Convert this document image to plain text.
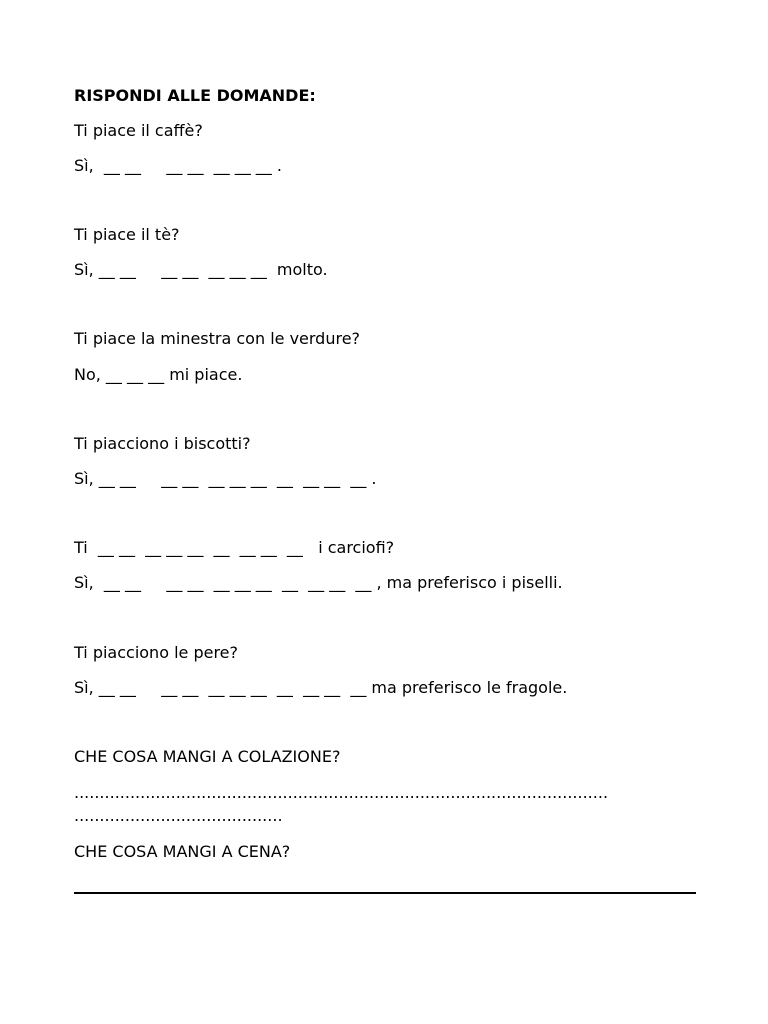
RISPONDI ALLE DOMANDE:

Ti piace il caffè?

Sì,  __ __     __ __  __ __ __ .

Ti piace il tè?

Sì, __ __     __ __  __ __ __  molto.

Ti piace la minestra con le verdure?

No, __ __ __ mi piace.

Ti piacciono i biscotti?

Sì, __ __     __ __  __ __ __  __  __ __  __ .

Ti  __ __  __ __ __  __  __ __  __   i carciofi?

Sì,  __ __     __ __  __ __ __  __  __ __  __ , ma preferisco i piselli.

Ti piacciono le pere?

Sì, __ __     __ __  __ __ __  __  __ __  __ ma preferisco le fragole.

CHE COSA MANGI A COLAZIONE?

.........................................................................................................

.........................................

CHE COSA MANGI A CENA?
